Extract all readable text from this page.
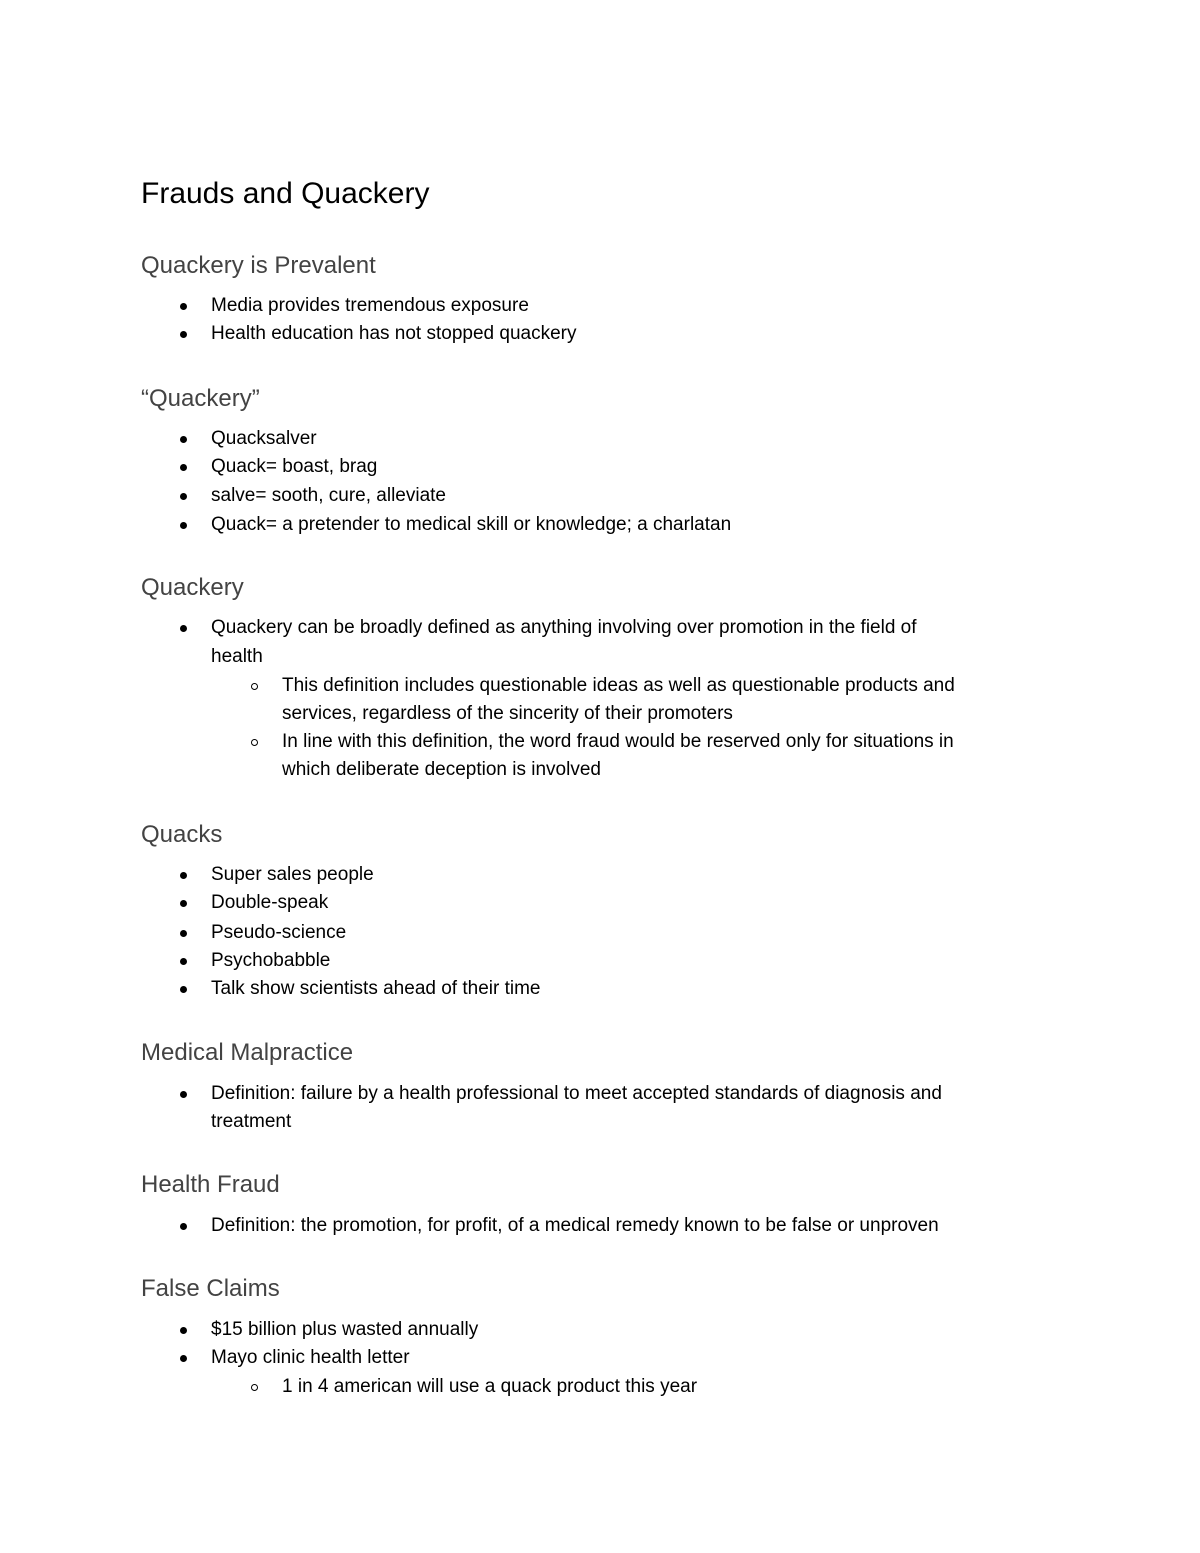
Frauds and Quackery
Quackery is Prevalent
Media provides tremendous exposure
Health education has not stopped quackery
“Quackery”
Quacksalver
Quack= boast, brag
salve= sooth, cure, alleviate
Quack= a pretender to medical skill or knowledge; a charlatan
Quackery
Quackery can be broadly defined as anything involving over promotion in the field of
health
This definition includes questionable ideas as well as questionable products and
services, regardless of the sincerity of their promoters
In line with this definition, the word fraud would be reserved only for situations in
which deliberate deception is involved
Quacks
Super sales people
Double-speak
Pseudo-science
Psychobabble
Talk show scientists ahead of their time
Medical Malpractice
Definition: failure by a health professional to meet accepted standards of diagnosis and
treatment
Health Fraud
Definition: the promotion, for profit, of a medical remedy known to be false or unproven
False Claims
$15 billion plus wasted annually
Mayo clinic health letter
1 in 4 american will use a quack product this year
